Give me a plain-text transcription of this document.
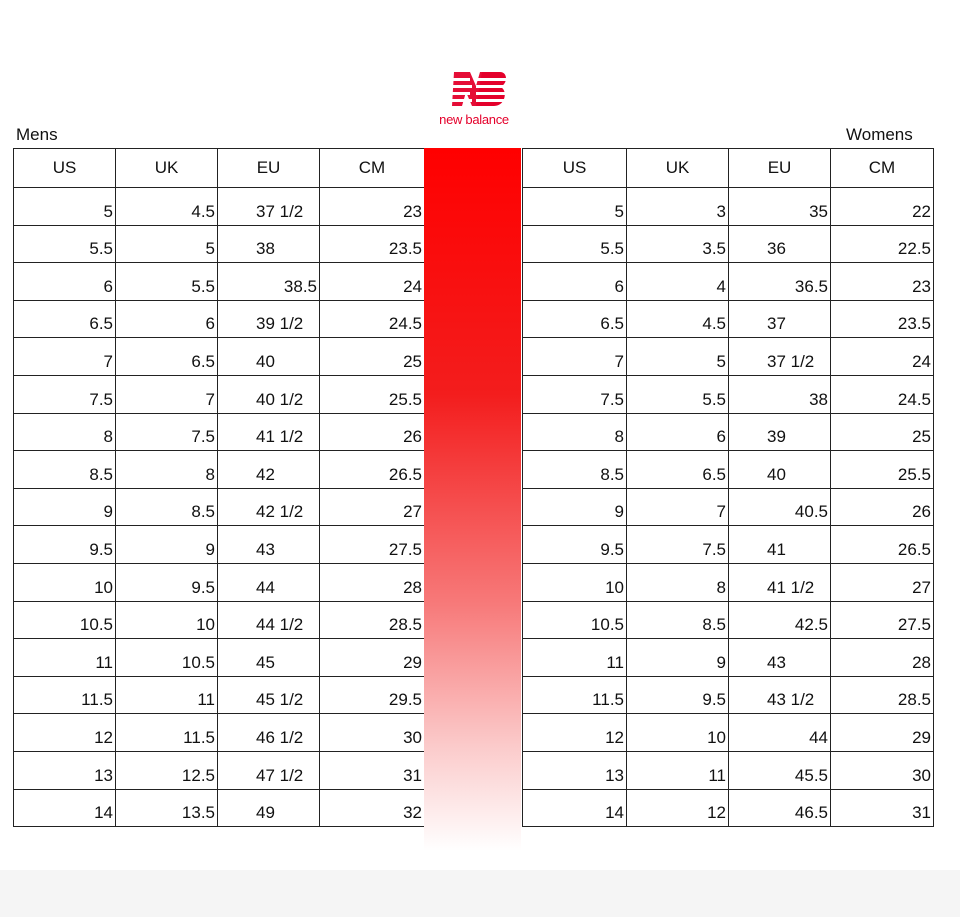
new balance
Mens	Womens
US	UK	EU	CM
5	4.5	37 1/2	23
5.5	5	38	23.5
6	5.5	38.5	24
6.5	6	39 1/2	24.5
7	6.5	40	25
7.5	7	40 1/2	25.5
8	7.5	41 1/2	26
8.5	8	42	26.5
9	8.5	42 1/2	27
9.5	9	43	27.5
10	9.5	44	28
10.5	10	44 1/2	28.5
11	10.5	45	29
11.5	11	45 1/2	29.5
12	11.5	46 1/2	30
13	12.5	47 1/2	31
14	13.5	49	32
US	UK	EU	CM
5	3	35	22
5.5	3.5	36	22.5
6	4	36.5	23
6.5	4.5	37	23.5
7	5	37 1/2	24
7.5	5.5	38	24.5
8	6	39	25
8.5	6.5	40	25.5
9	7	40.5	26
9.5	7.5	41	26.5
10	8	41 1/2	27
10.5	8.5	42.5	27.5
11	9	43	28
11.5	9.5	43 1/2	28.5
12	10	44	29
13	11	45.5	30
14	12	46.5	31
